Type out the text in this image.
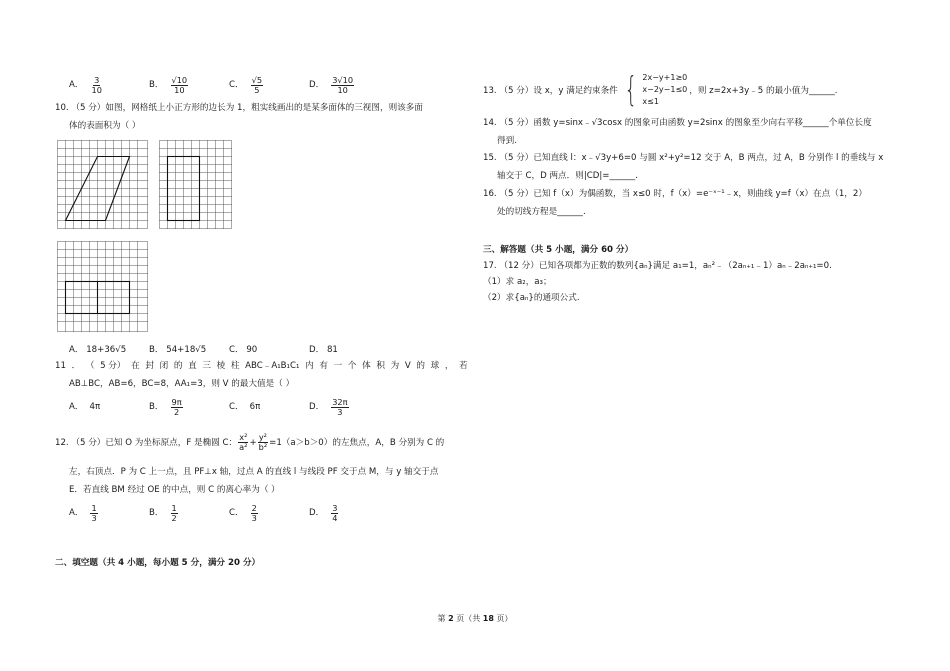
A． $\frac{3}{10}$	B． $\frac{√10}{10}$	C． $\frac{√5}{5}$	D． $\frac{3√10}{10}$
10. （5 分）如图，网格纸上小正方形的边长为 1，粗实线画出的是某多面体的三视图，则该多面
体的表面积为（ ）
A． 18+36√5	B． 54+18√5	C． 90	D． 81
11 ． （ 5 分） 在 封 闭 的 直 三 棱 柱 ABC﹣A₁B₁C₁ 内 有 一 个 体 积 为 V 的 球 ， 若
AB⊥BC，AB=6，BC=8，AA₁=3，则 V 的最大值是（ ）
A． 4π	B． $\frac{9\pi}{2}$	C． 6π	D． $\frac{32\pi}{3}$
12. （5 分）已知 O 为坐标原点，F 是椭圆 C： $\frac{\text{x²}}{\text{a²}} + \frac{\text{y²}}{\text{b²}} =1(a>b>0)$的左焦点，A，B 分别为 C 的
左，右顶点．P 为 C 上一点，且 PF⊥x 轴，过点 A 的直线 l 与线段 PF 交于点 M，与 y 轴交于点
E．若直线 BM 经过 OE 的中点，则 C 的离心率为（ ）
A． $\frac{1}{3}$	B． $\frac{1}{2}$	C． $\frac{2}{3}$	D． $\frac{3}{4}$
二、填空题（共 4 小题，每小题 5 分，满分 20 分）
13. （5 分）设 x，y 满足约束条件 { 2x−y+1≥0
x−2y−1≤0
x≤1
，则 z=2x+3y﹣5 的最小值为______.
14. （5 分）函数 y=sinx﹣√3cosx 的图象可由函数 y=2sinx 的图象至少向右平移______个单位长度
得到.
15. （5 分）已知直线 l：x﹣√3y+6=0 与圆 x²+y²=12 交于 A，B 两点，过 A，B 分别作 l 的垂线与 x
轴交于 C，D 两点．则|CD|=______.
16. （5 分）已知 f（x）为偶函数，当 x≤0 时，f（x）=e⁻ˣ⁻¹﹣x，则曲线 y=f（x）在点（1，2）
处的切线方程是______.
三、解答题（共 5 小题，满分 60 分）
17. （12 分）已知各项都为正数的数列{aₙ}满足 a₁=1，aₙ²﹣（2aₙ₊₁﹣1）aₙ﹣2aₙ₊₁=0.
（1）求 a₂，a₃；
（2）求{aₙ}的通项公式.
第 2 页（共 18 页）
